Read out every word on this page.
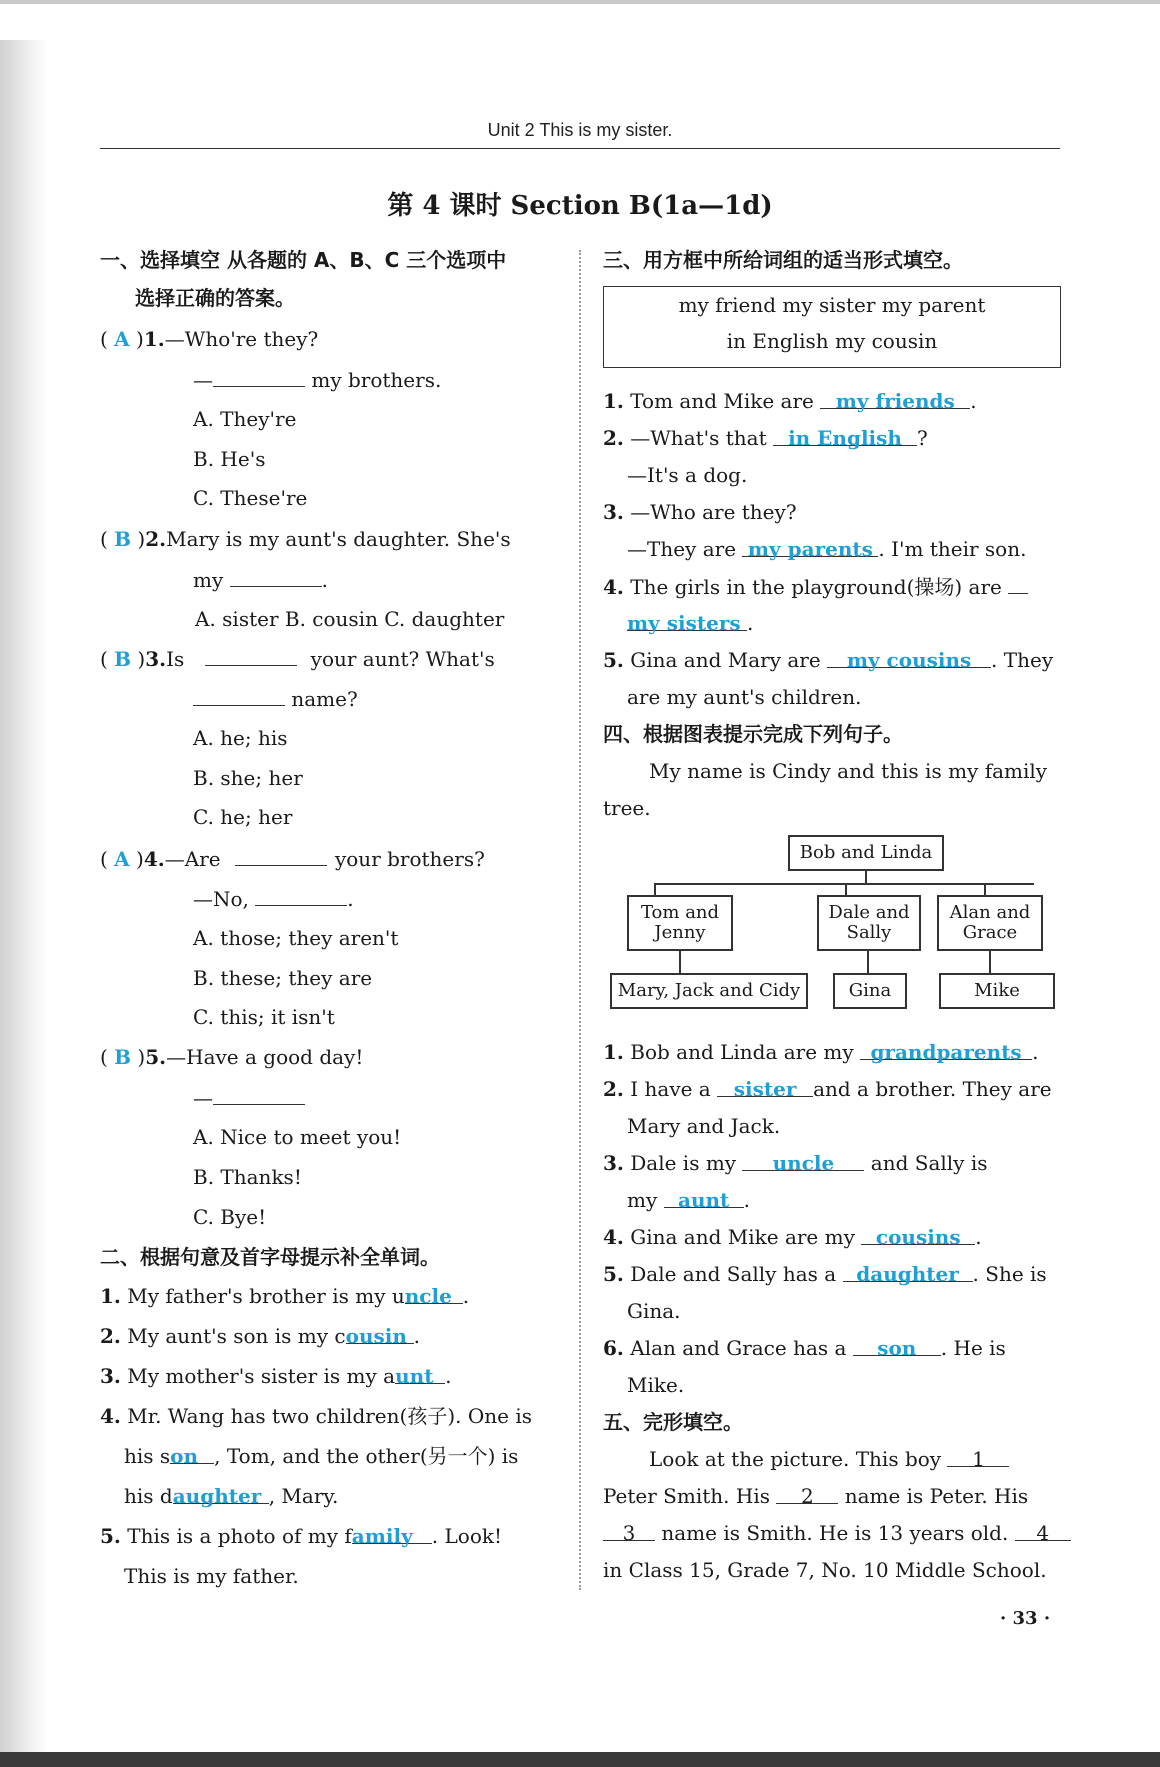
Unit 2 This is my sister.
第 4 课时 Section B(1a—1d)
一、选择填空 从各题的 A、B、C 三个选项中
选择正确的答案。
( A )1.—Who're they?
—	my brothers.
A. They're
B. He's
C. These're
( B )2.Mary is my aunt's daughter. She's
my	.
A. sister B. cousin C. daughter
( B )3.Is	your aunt? What's
name?
A. he; his
B. she; her
C. he; her
( A )4.—Are	your brothers?
—No,	.
A. those; they aren't
B. these; they are
C. this; it isn't
( B )5.—Have a good day!
—
A. Nice to meet you!
B. Thanks!
C. Bye!
二、根据句意及首字母提示补全单词。
1. My father's brother is my uncle .
2. My aunt's son is my cousin .
3. My mother's sister is my aunt .
4. Mr. Wang has two children(孩子). One is
his son , Tom, and the other(另一个) is
his daughter , Mary.
5. This is a photo of my family . Look!
This is my father.
三、用方框中所给词组的适当形式填空。
my friend my sister my parent
in English my cousin
1. Tom and Mike are my friends .
2. —What's that in English ?
—It's a dog.
3. —Who are they?
—They are my parents . I'm their son.
4. The girls in the playground(操场) are
my sisters .
5. Gina and Mary are my cousins . They
are my aunt's children.
四、根据图表提示完成下列句子。
My name is Cindy and this is my family
tree.
Bob and Linda
Tom and
Jenny
Dale and
Sally
Alan and
Grace
Mary, Jack and Cidy	Gina	Mike
1. Bob and Linda are my grandparents .
2. I have a sister and a brother. They are
Mary and Jack.
3. Dale is my uncle and Sally is
my aunt .
4. Gina and Mike are my cousins .
5. Dale and Sally has a daughter . She is
Gina.
6. Alan and Grace has a son . He is
Mike.
五、完形填空。
Look at the picture. This boy 1
Peter Smith. His 2 name is Peter. His
3 name is Smith. He is 13 years old. 4
in Class 15, Grade 7, No. 10 Middle School.
· 33 ·
